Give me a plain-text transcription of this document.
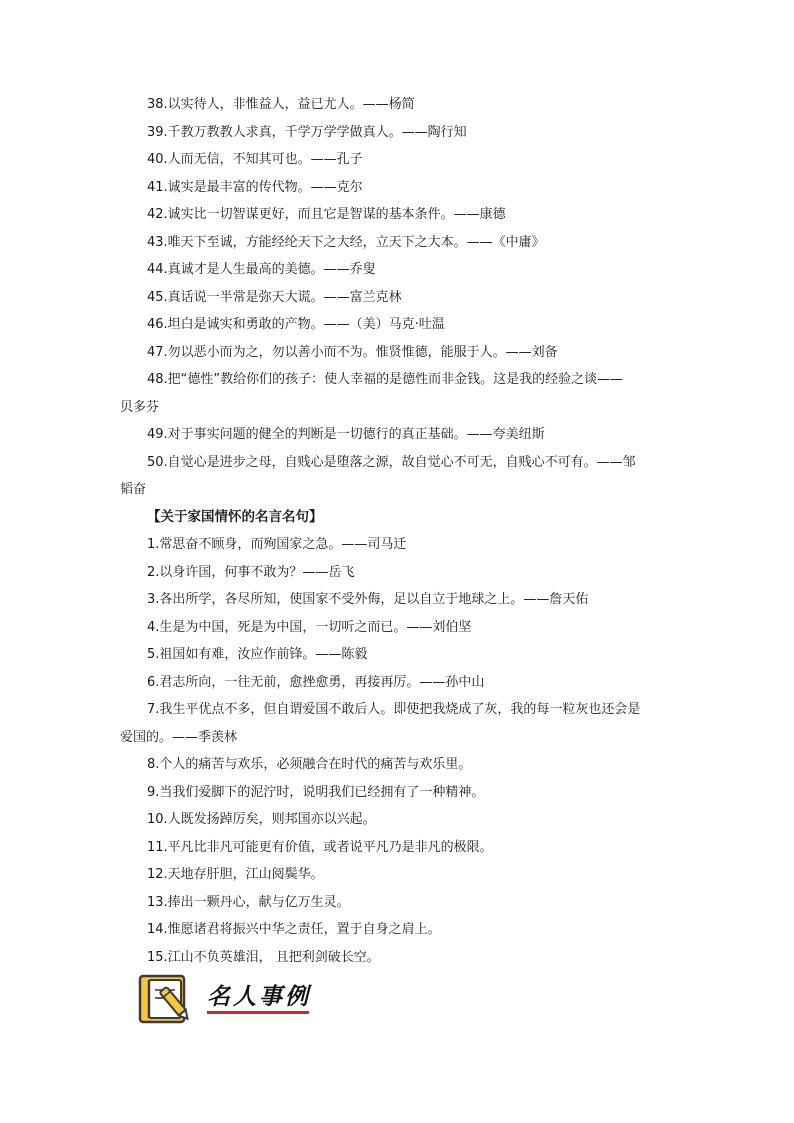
38.以实待人，非惟益人，益已尤人。——杨简
39.千教万教教人求真，千学万学学做真人。——陶行知
40.人而无信，不知其可也。——孔子
41.诚实是最丰富的传代物。——克尔
42.诚实比一切智谋更好，而且它是智谋的基本条件。——康德
43.唯天下至诚，方能经纶天下之大经，立天下之大本。——《中庸》
44.真诚才是人生最高的美德。——乔叟
45.真话说一半常是弥天大谎。——富兰克林
46.坦白是诚实和勇敢的产物。——（美）马克·吐温
47.勿以恶小而为之，勿以善小而不为。惟贤惟德，能服于人。——刘备
48.把“德性”教给你们的孩子：使人幸福的是德性而非金钱。这是我的经验之谈——
贝多芬
49.对于事实问题的健全的判断是一切德行的真正基础。——夸美纽斯
50.自觉心是进步之母，自贱心是堕落之源，故自觉心不可无，自贱心不可有。——邹
韬奋
【关于家国情怀的名言名句】
1.常思奋不顾身，而殉国家之急。——司马迁
2.以身许国，何事不敢为？——岳飞
3.各出所学，各尽所知，使国家不受外侮，足以自立于地球之上。——詹天佑
4.生是为中国，死是为中国，一切听之而已。——刘伯坚
5.祖国如有难，汝应作前锋。——陈毅
6.君志所向，一往无前，愈挫愈勇，再接再厉。——孙中山
7.我生平优点不多，但自谓爱国不敢后人。即使把我烧成了灰，我的每一粒灰也还会是
爱国的。——季羡林
8.个人的痛苦与欢乐，必须融合在时代的痛苦与欢乐里。
9.当我们爱脚下的泥泞时，说明我们已经拥有了一种精神。
10.人既发扬踔厉矣，则邦国亦以兴起。
11.平凡比非凡可能更有价值，或者说平凡乃是非凡的极限。
12.天地存肝胆，江山阅鬓华。
13.捧出一颗丹心，献与亿万生灵。
14.惟愿诸君将振兴中华之责任，置于自身之肩上。
15.江山不负英雄泪， 且把利剑破长空。
名人事例
